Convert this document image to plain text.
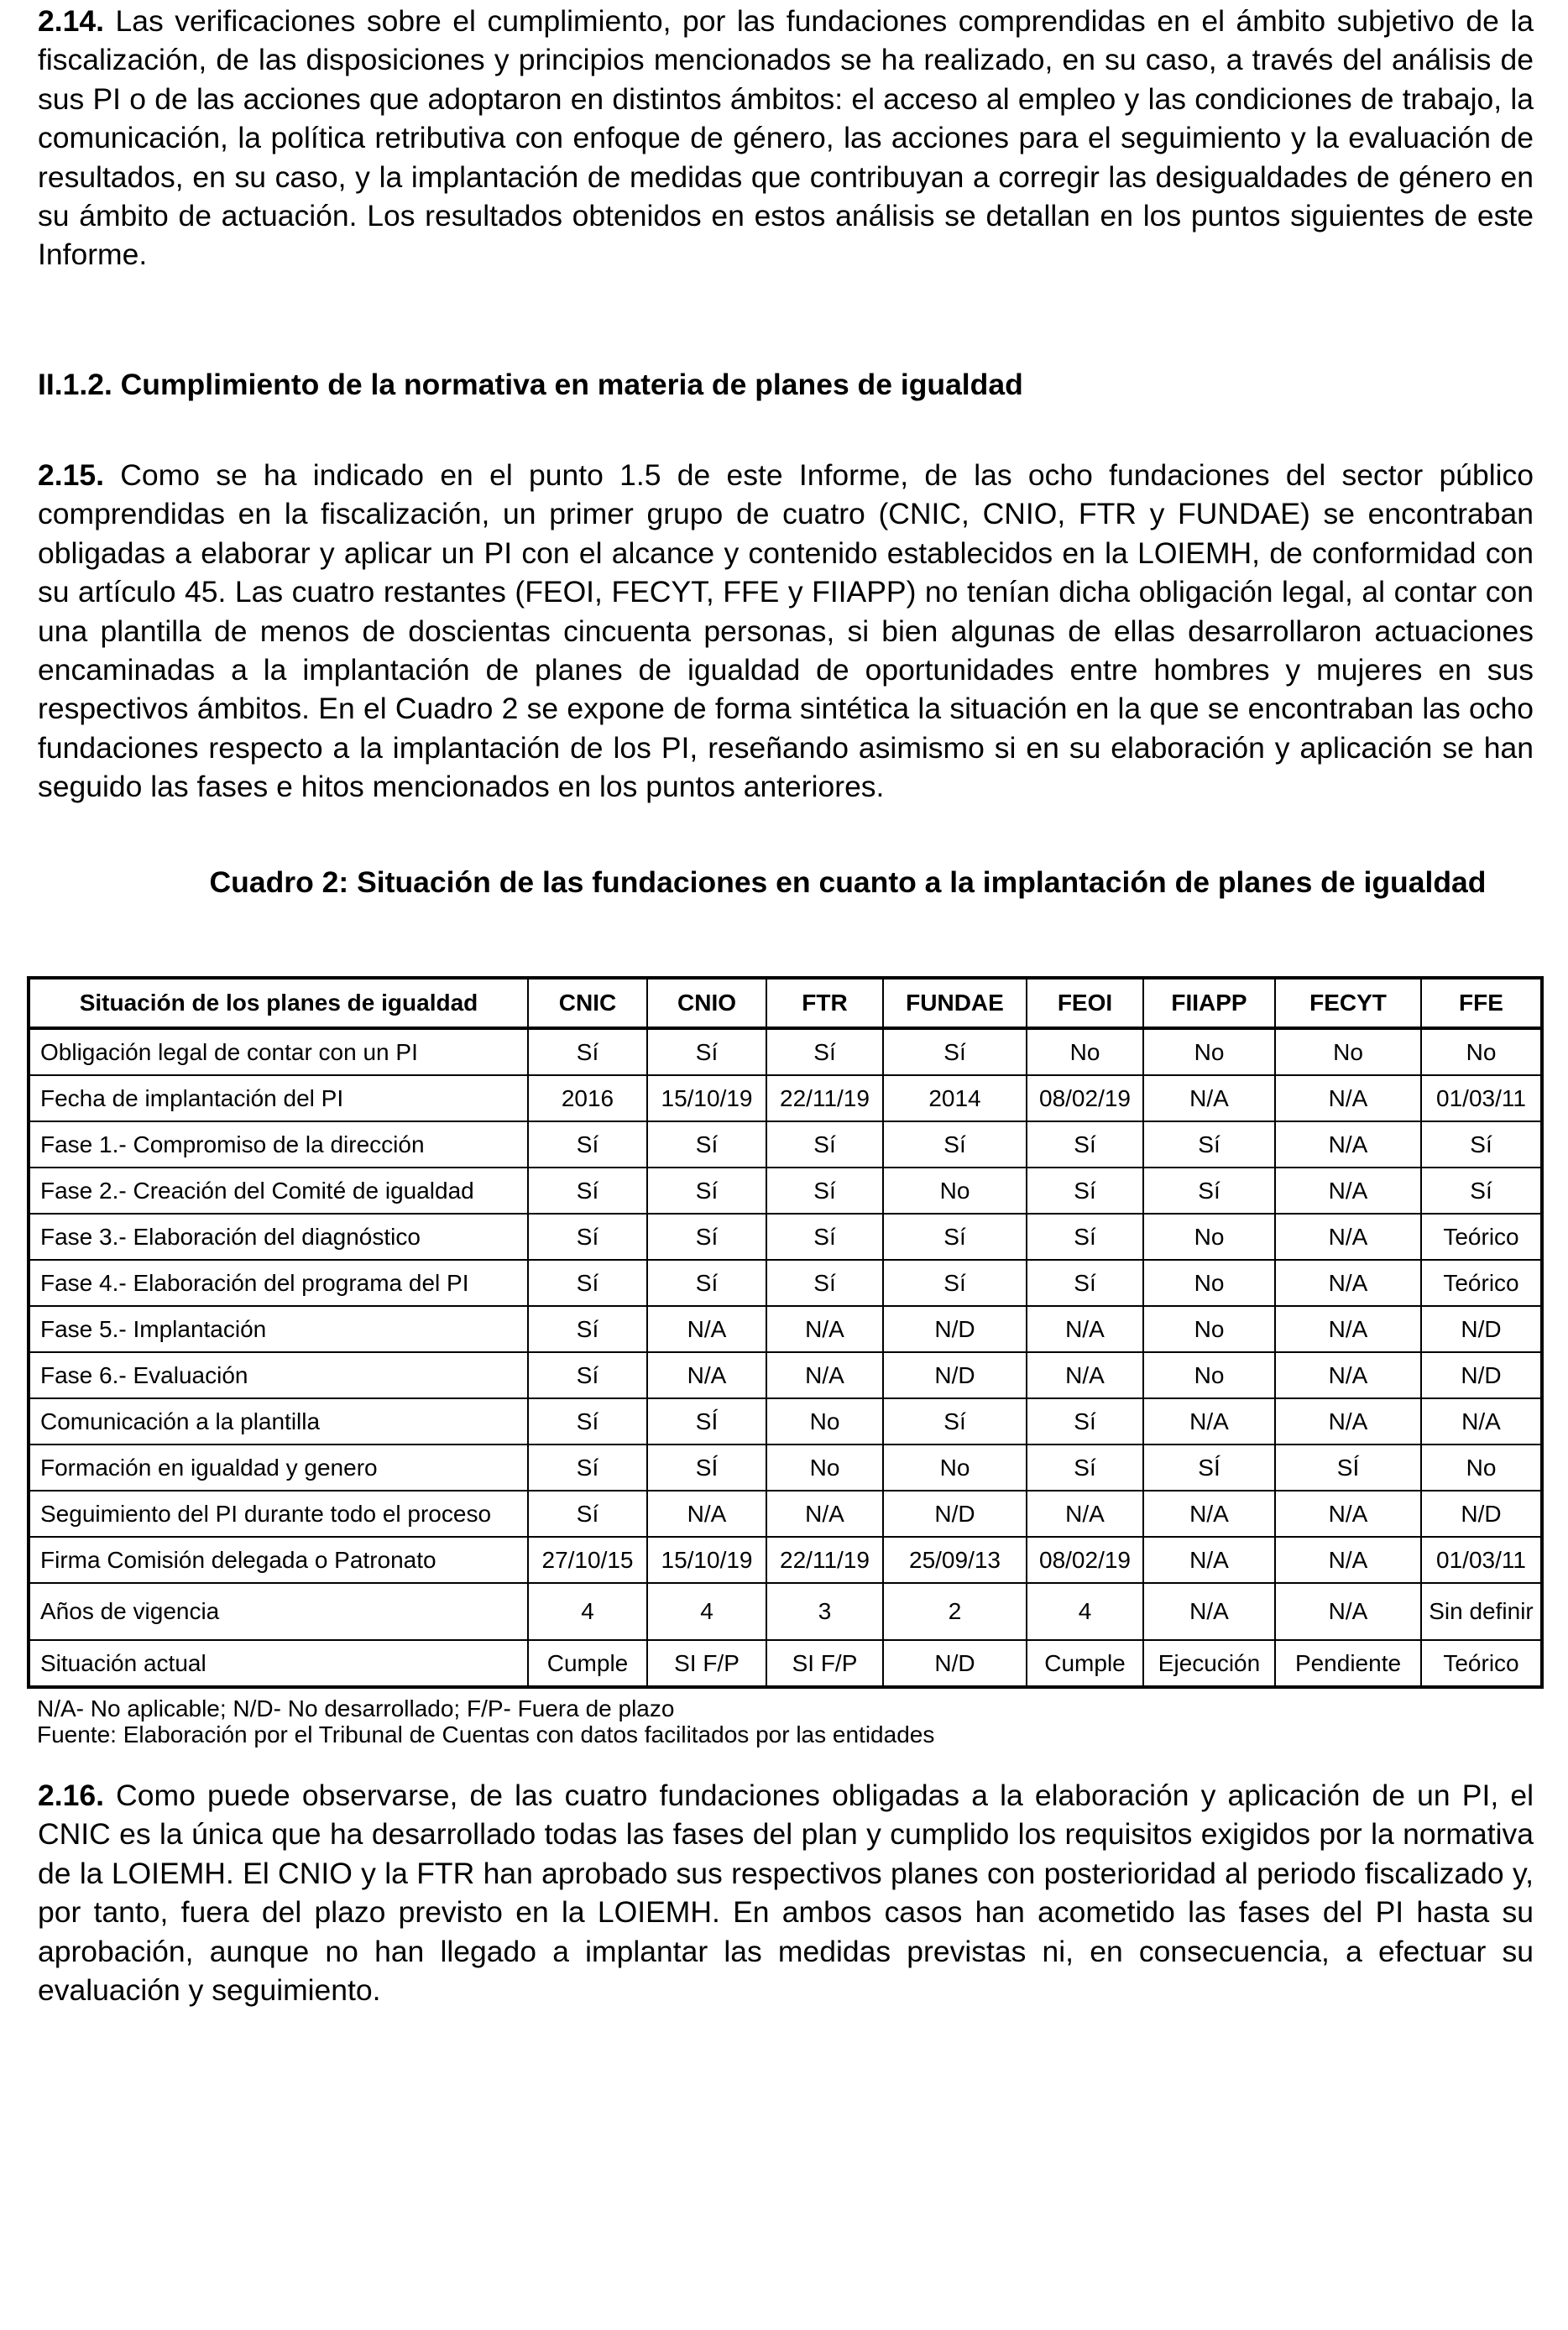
2.14. Las verificaciones sobre el cumplimiento, por las fundaciones comprendidas en el ámbito subjetivo de la fiscalización, de las disposiciones y principios mencionados se ha realizado, en su caso, a través del análisis de sus PI o de las acciones que adoptaron en distintos ámbitos: el acceso al empleo y las condiciones de trabajo, la comunicación, la política retributiva con enfoque de género, las acciones para el seguimiento y la evaluación de resultados, en su caso, y la implantación de medidas que contribuyan a corregir las desigualdades de género en su ámbito de actuación. Los resultados obtenidos en estos análisis se detallan en los puntos siguientes de este Informe.

II.1.2. Cumplimiento de la normativa en materia de planes de igualdad

2.15. Como se ha indicado en el punto 1.5 de este Informe, de las ocho fundaciones del sector público comprendidas en la fiscalización, un primer grupo de cuatro (CNIC, CNIO, FTR y FUNDAE) se encontraban obligadas a elaborar y aplicar un PI con el alcance y contenido establecidos en la LOIEMH, de conformidad con su artículo 45. Las cuatro restantes (FEOI, FECYT, FFE y FIIAPP) no tenían dicha obligación legal, al contar con una plantilla de menos de doscientas cincuenta personas, si bien algunas de ellas desarrollaron actuaciones encaminadas a la implantación de planes de igualdad de oportunidades entre hombres y mujeres en sus respectivos ámbitos. En el Cuadro 2 se expone de forma sintética la situación en la que se encontraban las ocho fundaciones respecto a la implantación de los PI, reseñando asimismo si en su elaboración y aplicación se han seguido las fases e hitos mencionados en los puntos anteriores.

Cuadro 2: Situación de las fundaciones en cuanto a la implantación de planes de igualdad

Situación de los planes de igualdad	CNIC	CNIO	FTR	FUNDAE	FEOI	FIIAPP	FECYT	FFE
Obligación legal de contar con un PI	Sí	Sí	Sí	Sí	No	No	No	No
Fecha de implantación del PI	2016	15/10/19	22/11/19	2014	08/02/19	N/A	N/A	01/03/11
Fase 1.- Compromiso de la dirección	Sí	Sí	Sí	Sí	Sí	Sí	N/A	Sí
Fase 2.- Creación del Comité de igualdad	Sí	Sí	Sí	No	Sí	Sí	N/A	Sí
Fase 3.- Elaboración del diagnóstico	Sí	Sí	Sí	Sí	Sí	No	N/A	Teórico
Fase 4.- Elaboración del programa del PI	Sí	Sí	Sí	Sí	Sí	No	N/A	Teórico
Fase 5.- Implantación	Sí	N/A	N/A	N/D	N/A	No	N/A	N/D
Fase 6.- Evaluación	Sí	N/A	N/A	N/D	N/A	No	N/A	N/D
Comunicación a la plantilla	Sí	SÍ	No	Sí	Sí	N/A	N/A	N/A
Formación en igualdad y genero	Sí	SÍ	No	No	Sí	SÍ	SÍ	No
Seguimiento del PI durante todo el proceso	Sí	N/A	N/A	N/D	N/A	N/A	N/A	N/D
Firma Comisión delegada o Patronato	27/10/15	15/10/19	22/11/19	25/09/13	08/02/19	N/A	N/A	01/03/11
Años de vigencia	4	4	3	2	4	N/A	N/A	Sin definir
Situación actual	Cumple	SI F/P	SI F/P	N/D	Cumple	Ejecución	Pendiente	Teórico
N/A- No aplicable; N/D- No desarrollado; F/P- Fuera de plazo
Fuente: Elaboración por el Tribunal de Cuentas con datos facilitados por las entidades

2.16. Como puede observarse, de las cuatro fundaciones obligadas a la elaboración y aplicación de un PI, el CNIC es la única que ha desarrollado todas las fases del plan y cumplido los requisitos exigidos por la normativa de la LOIEMH. El CNIO y la FTR han aprobado sus respectivos planes con posterioridad al periodo fiscalizado y, por tanto, fuera del plazo previsto en la LOIEMH. En ambos casos han acometido las fases del PI hasta su aprobación, aunque no han llegado a implantar las medidas previstas ni, en consecuencia, a efectuar su evaluación y seguimiento.
